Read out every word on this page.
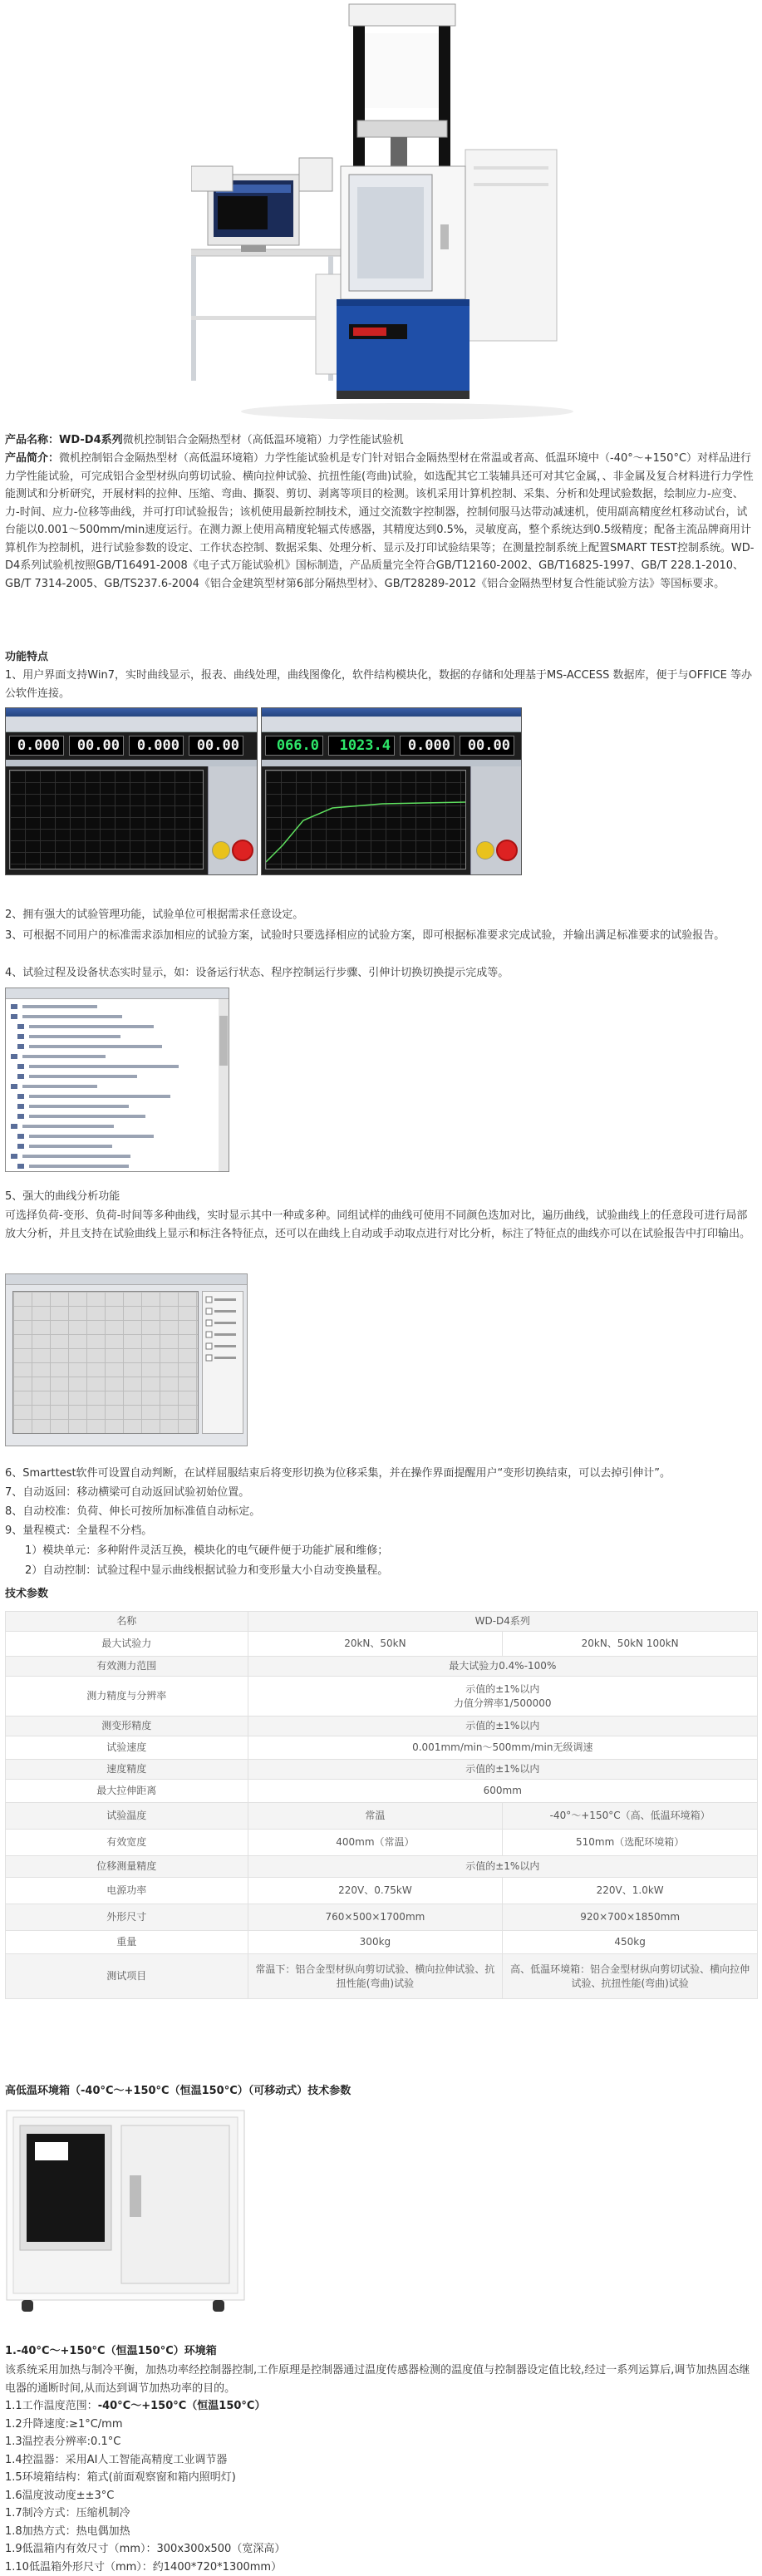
产品名称：WD-D4系列微机控制铝合金隔热型材（高低温环境箱）力学性能试验机
产品简介：微机控制铝合金隔热型材（高低温环境箱）力学性能试验机是专门针对铝合金隔热型材在常温或者高、低温环境中（-40°～+150°C）对样品进行力学性能试验，可完成铝合金型材纵向剪切试验、横向拉伸试验、抗扭性能(弯曲)试验，如选配其它工装辅具还可对其它金属，、非金属及复合材料进行力学性能测试和分析研究，开展材料的拉伸、压缩、弯曲、撕裂、剪切、剥离等项目的检测。该机采用计算机控制、采集、分析和处理试验数据，绘制应力-应变、力-时间、应力-位移等曲线，并可打印试验报告；该机使用最新控制技术，通过交流数字控制器，控制伺服马达带动减速机，使用副高精度丝杠移动试台，试台能以0.001～500mm/min速度运行。在测力源上使用高精度轮辐式传感器，其精度达到0.5%，灵敏度高，整个系统达到0.5级精度；配备主流品牌商用计算机作为控制机，进行试验参数的设定、工作状态控制、数据采集、处理分析、显示及打印试验结果等；在测量控制系统上配置SMART TEST控制系统。WD-D4系列试验机按照GB/T16491-2008《电子式万能试验机》国标制造，产品质量完全符合GB/T12160-2002、GB/T16825-1997、GB/T 228.1-2010、GB/T 7314-2005、GB/TS237.6-2004《铝合金建筑型材第6部分隔热型材》、GB/T28289-2012《铝合金隔热型材复合性能试验方法》等国标要求。
功能特点
1、用户界面支持Win7，实时曲线显示，报表、曲线处理，曲线图像化，软件结构模块化，数据的存储和处理基于MS-ACCESS 数据库，便于与OFFICE 等办公软件连接。
0.000	00.00	0.000	00.00	066.0	1023.4	0.000	00.00
2、拥有强大的试验管理功能，试验单位可根据需求任意设定。
3、可根据不同用户的标准需求添加相应的试验方案，试验时只要选择相应的试验方案，即可根据标准要求完成试验，并输出满足标准要求的试验报告。
4、试验过程及设备状态实时显示，如：设备运行状态、程序控制运行步骤、引伸计切换切换提示完成等。
5、强大的曲线分析功能
可选择负荷-变形、负荷-时间等多种曲线，实时显示其中一种或多种。同组试样的曲线可使用不同颜色迭加对比，遍历曲线，试验曲线上的任意段可进行局部放大分析，并且支持在试验曲线上显示和标注各特征点，还可以在曲线上自动或手动取点进行对比分析，标注了特征点的曲线亦可以在试验报告中打印输出。
6、Smarttest软件可设置自动判断，在试样屈服结束后将变形切换为位移采集，并在操作界面提醒用户“变形切换结束，可以去掉引伸计”。
7、自动返回：移动横梁可自动返回试验初始位置。
8、自动校准：负荷、伸长可按所加标准值自动标定。
9、量程模式：全量程不分档。
1）模块单元：多种附件灵活互换，模块化的电气硬件便于功能扩展和维修；
2）自动控制：试验过程中显示曲线根据试验力和变形量大小自动变换量程。
技术参数
名称	WD-D4系列	
最大试验力	20kN、50kN	20kN、50kN 100kN
有效测力范围	最大试验力0.4%-100%	
测力精度与分辨率	示值的±1%以内
力值分辨率1/500000	
测变形精度	示值的±1%以内	
试验速度	0.001mm/min～500mm/min无级调速	
速度精度	示值的±1%以内	
最大拉伸距离	600mm	
试验温度	常温	-40°～+150°C（高、低温环境箱）
有效宽度	400mm（常温）	510mm（选配环境箱）
位移测量精度	示值的±1%以内	
电源功率	220V、0.75kW	220V、1.0kW
外形尺寸	760×500×1700mm	920×700×1850mm
重量	300kg	450kg
测试项目	常温下：铝合金型材纵向剪切试验、横向拉伸试验、抗扭性能(弯曲)试验	高、低温环境箱：铝合金型材纵向剪切试验、横向拉伸试验、抗扭性能(弯曲)试验
高低温环境箱（-40°C～+150°C（恒温150°C）（可移动式）技术参数
1.-40°C～+150°C（恒温150°C）环境箱
该系统采用加热与制冷平衡，加热功率经控制器控制,工作原理是控制器通过温度传感器检测的温度值与控制器设定值比较,经过一系列运算后,调节加热固态继电器的通断时间,从而达到调节加热功率的目的。
1.1工作温度范围：-40°C～+150°C（恒温150°C）
1.2升降速度:≥1°C/mm
1.3温控表分辨率:0.1°C
1.4控温器：采用AI人工智能高精度工业调节器
1.5环境箱结构：箱式(前面观察窗和箱内照明灯)
1.6温度波动度±±3°C
1.7制冷方式：压缩机制冷
1.8加热方式：热电偶加热
1.9低温箱内有效尺寸（mm）：300x300x500（宽深高）
1.10低温箱外形尺寸（mm）：约1400*720*1300mm）
